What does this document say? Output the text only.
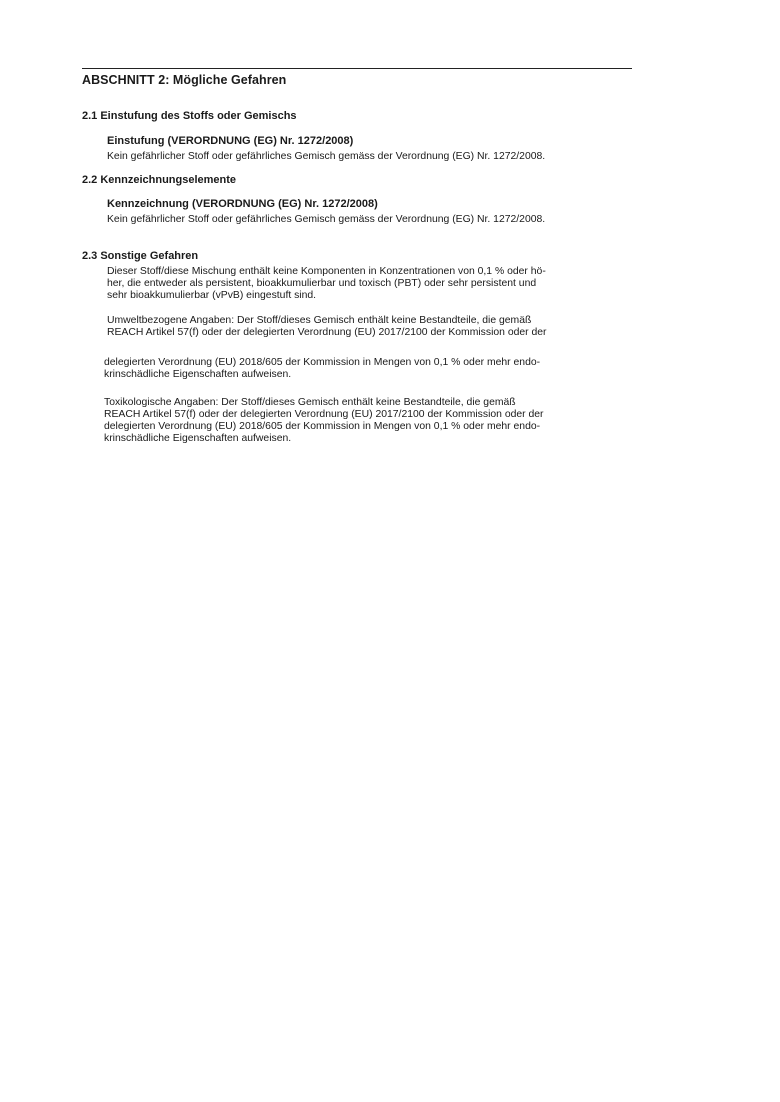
ABSCHNITT 2: Mögliche Gefahren
2.1 Einstufung des Stoffs oder Gemischs
Einstufung (VERORDNUNG (EG) Nr. 1272/2008)
Kein gefährlicher Stoff oder gefährliches Gemisch gemäss der Verordnung (EG) Nr. 1272/2008.
2.2 Kennzeichnungselemente
Kennzeichnung (VERORDNUNG (EG) Nr. 1272/2008)
Kein gefährlicher Stoff oder gefährliches Gemisch gemäss der Verordnung (EG) Nr. 1272/2008.
2.3 Sonstige Gefahren
Dieser Stoff/diese Mischung enthält keine Komponenten in Konzentrationen von 0,1 % oder hö-
her, die entweder als persistent, bioakkumulierbar und toxisch (PBT) oder sehr persistent und
sehr bioakkumulierbar (vPvB) eingestuft sind.
Umweltbezogene Angaben: Der Stoff/dieses Gemisch enthält keine Bestandteile, die gemäß
REACH Artikel 57(f) oder der delegierten Verordnung (EU) 2017/2100 der Kommission oder der
delegierten Verordnung (EU) 2018/605 der Kommission in Mengen von 0,1 % oder mehr endo-
krinschädliche Eigenschaften aufweisen.
Toxikologische Angaben: Der Stoff/dieses Gemisch enthält keine Bestandteile, die gemäß
REACH Artikel 57(f) oder der delegierten Verordnung (EU) 2017/2100 der Kommission oder der
delegierten Verordnung (EU) 2018/605 der Kommission in Mengen von 0,1 % oder mehr endo-
krinschädliche Eigenschaften aufweisen.
